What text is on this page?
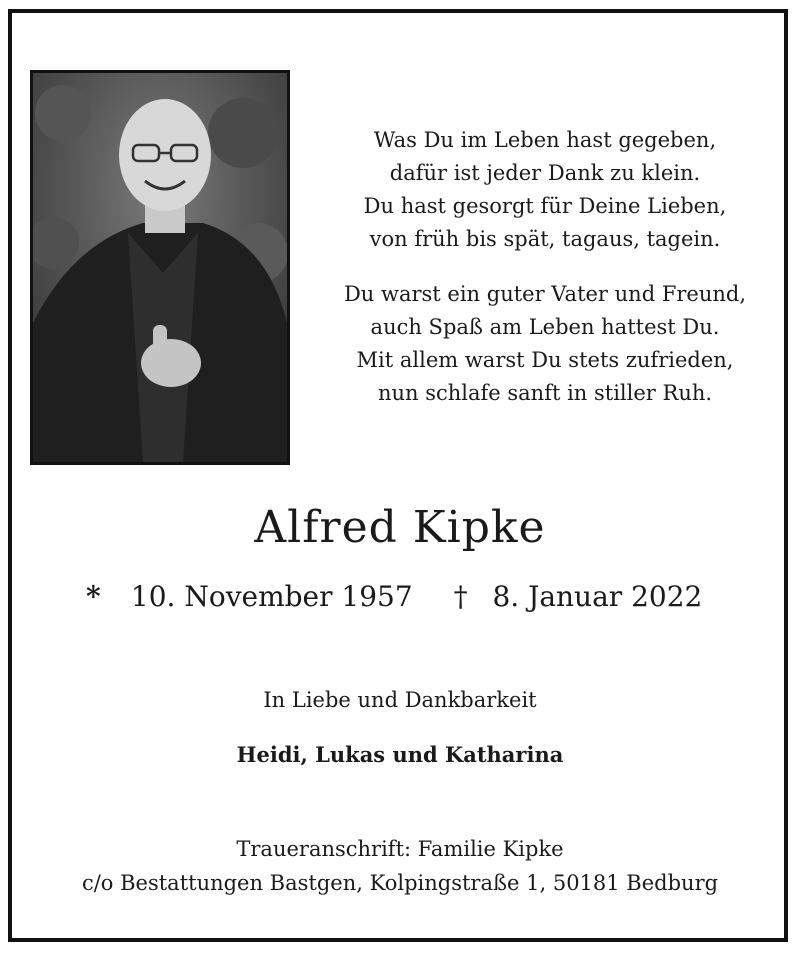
Was Du im Leben hast gegeben,
dafür ist jeder Dank zu klein.
Du hast gesorgt für Deine Lieben,
von früh bis spät, tagaus, tagein.
Du warst ein guter Vater und Freund,
auch Spaß am Leben hattest Du.
Mit allem warst Du stets zufrieden,
nun schlafe sanft in stiller Ruh.
Alfred Kipke
* 10. November 1957 † 8. Januar 2022
In Liebe und Dankbarkeit
Heidi, Lukas und Katharina
Traueranschrift: Familie Kipke
c/o Bestattungen Bastgen, Kolpingstraße 1, 50181 Bedburg
